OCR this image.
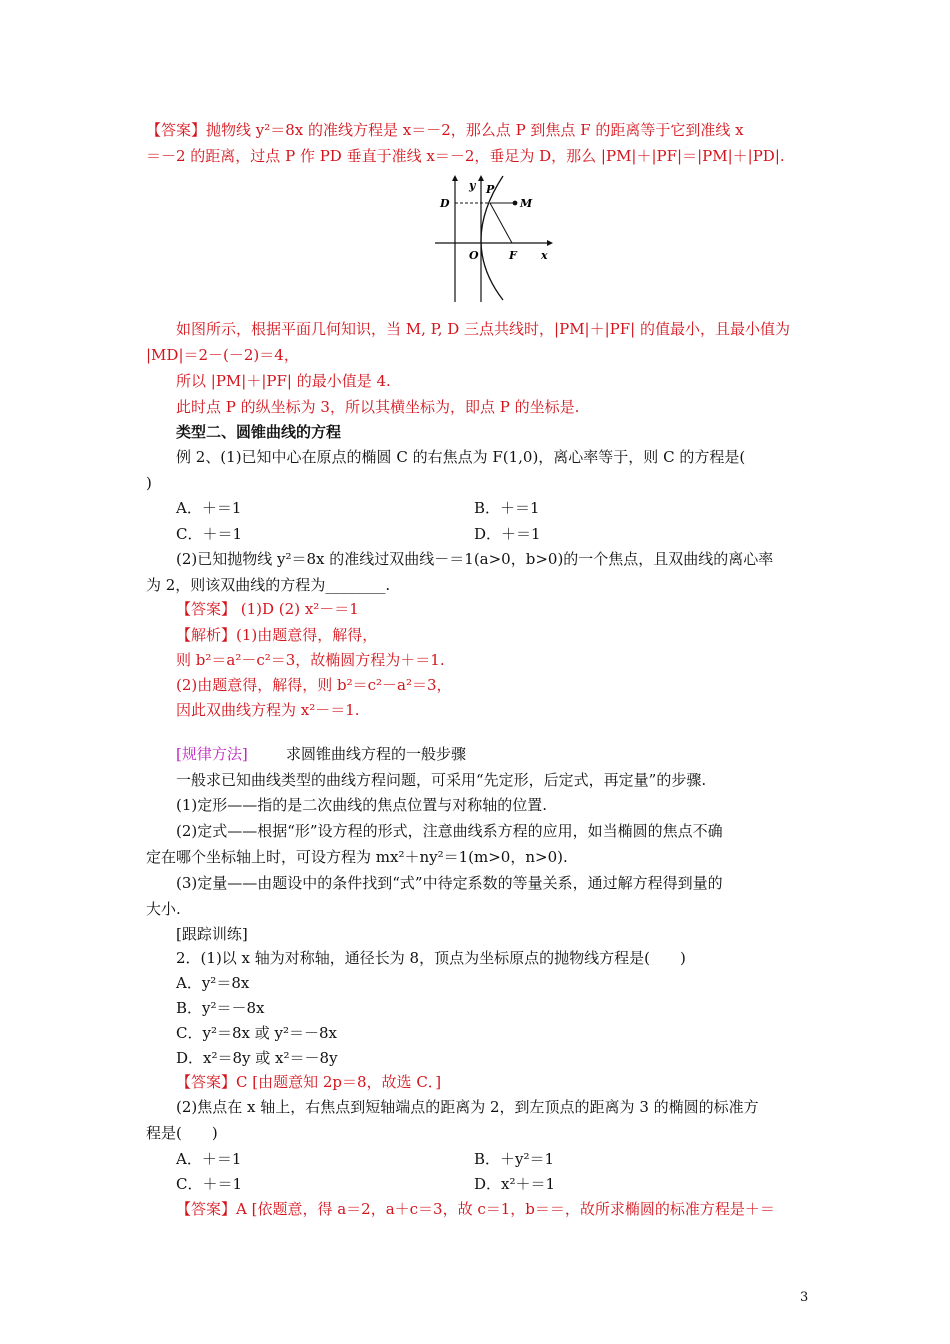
【答案】抛物线 y²＝8x 的准线方程是 x＝－2，那么点 P 到焦点 F 的距离等于它到准线 x
＝－2 的距离，过点 P 作 PD 垂直于准线 x＝－2，垂足为 D，那么 |PM|＋|PF|＝|PM|＋|PD|.
y P
D	M
O	F x
如图所示，根据平面几何知识，当 M, P, D 三点共线时，|PM|＋|PF| 的值最小，且最小值为
|MD|＝2－(－2)＝4，
所以 |PM|＋|PF| 的最小值是 4.
此时点 P 的纵坐标为 3，所以其横坐标为，即点 P 的坐标是.
类型二、圆锥曲线的方程
例 2、(1)已知中心在原点的椭圆 C 的右焦点为 F(1,0)，离心率等于，则 C 的方程是(
)
A．＋＝1	B．＋＝1
C．＋＝1	D．＋＝1
(2)已知抛物线 y²＝8x 的准线过双曲线－＝1(a>0，b>0)的一个焦点，且双曲线的离心率
为 2，则该双曲线的方程为________.
【答案】 (1)D (2) x²－＝1
【解析】(1)由题意得，解得，
则 b²＝a²－c²＝3，故椭圆方程为＋＝1.
(2)由题意得，解得，则 b²＝c²－a²＝3，
因此双曲线方程为 x²－＝1.
[规律方法]	求圆锥曲线方程的一般步骤
一般求已知曲线类型的曲线方程问题，可采用“先定形，后定式，再定量”的步骤.
(1)定形——指的是二次曲线的焦点位置与对称轴的位置.
(2)定式——根据“形”设方程的形式，注意曲线系方程的应用，如当椭圆的焦点不确
定在哪个坐标轴上时，可设方程为 mx²＋ny²＝1(m>0，n>0).
(3)定量——由题设中的条件找到“式”中待定系数的等量关系，通过解方程得到量的
大小.
[跟踪训练]
2．(1)以 x 轴为对称轴，通径长为 8，顶点为坐标原点的抛物线方程是(　　)
A．y²＝8x
B．y²＝－8x
C．y²＝8x 或 y²＝－8x
D．x²＝8y 或 x²＝－8y
【答案】C [由题意知 2p＝8，故选 C．]
(2)焦点在 x 轴上，右焦点到短轴端点的距离为 2，到左顶点的距离为 3 的椭圆的标准方
程是(　　)
A．＋＝1	B．＋y²＝1
C．＋＝1	D．x²＋＝1
【答案】A [依题意，得 a＝2，a＋c＝3，故 c＝1，b＝＝，故所求椭圆的标准方程是＋＝
3
